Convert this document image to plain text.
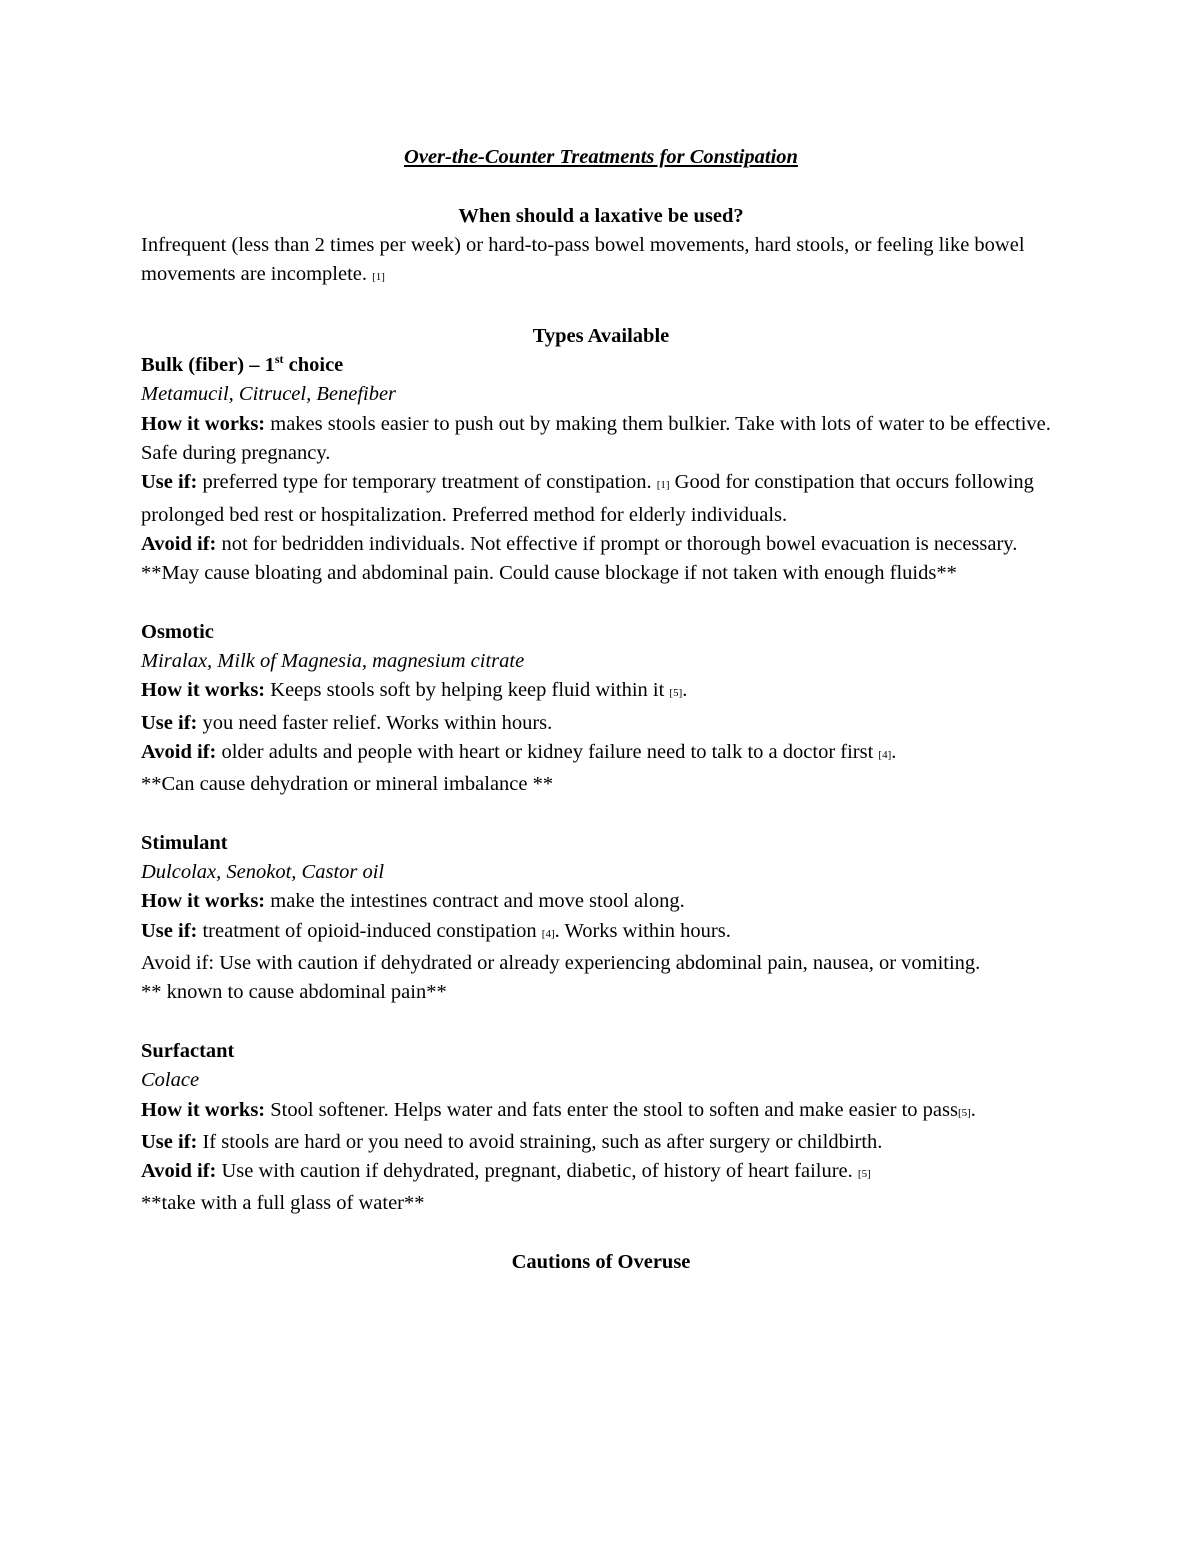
Over-the-Counter Treatments for Constipation
When should a laxative be used?
Infrequent (less than 2 times per week) or hard-to-pass bowel movements, hard stools, or feeling like bowel movements are incomplete. [1]
Types Available
Bulk (fiber) – 1st choice
Metamucil, Citrucel, Benefiber
How it works: makes stools easier to push out by making them bulkier. Take with lots of water to be effective.
Safe during pregnancy.
Use if: preferred type for temporary treatment of constipation. [1] Good for constipation that occurs following prolonged bed rest or hospitalization. Preferred method for elderly individuals.
Avoid if: not for bedridden individuals. Not effective if prompt or thorough bowel evacuation is necessary.
**May cause bloating and abdominal pain. Could cause blockage if not taken with enough fluids**
Osmotic
Miralax, Milk of Magnesia, magnesium citrate
How it works: Keeps stools soft by helping keep fluid within it [5].
Use if: you need faster relief. Works within hours.
Avoid if: older adults and people with heart or kidney failure need to talk to a doctor first [4].
**Can cause dehydration or mineral imbalance **
Stimulant
Dulcolax, Senokot, Castor oil
How it works: make the intestines contract and move stool along.
Use if: treatment of opioid-induced constipation [4]. Works within hours.
Avoid if: Use with caution if dehydrated or already experiencing abdominal pain, nausea, or vomiting.
** known to cause abdominal pain**
Surfactant
Colace
How it works: Stool softener. Helps water and fats enter the stool to soften and make easier to pass[5].
Use if: If stools are hard or you need to avoid straining, such as after surgery or childbirth.
Avoid if: Use with caution if dehydrated, pregnant, diabetic, of history of heart failure. [5]
**take with a full glass of water**
Cautions of Overuse
